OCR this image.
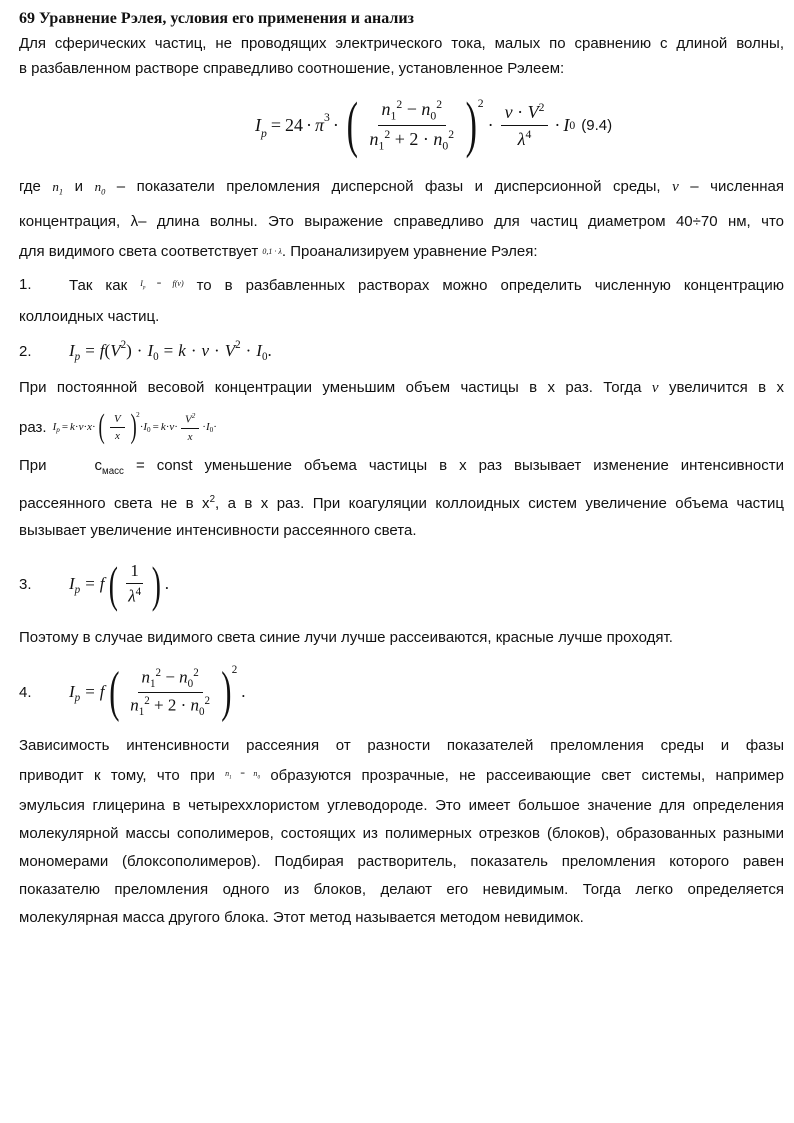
69 Уравнение Рэлея, условия его применения и анализ

Для сферических частиц, не проводящих электрического тока, малых по сравнению с длиной волны,

в разбавленном растворе справедливо соотношение, установленное Рэлеем:

$I_p = 24 \cdot \pi^3$ · ( $\frac{n_1^2 - n_0^2}{n_1^2 + 2 \cdot n_0^2} )^2$
· $\frac{\nu \cdot V^2}{\lambda^4} \cdot I$ 0 (9.4)

где $n_1$ и $n_0$ – показатели преломления дисперсной фазы и дисперсионной среды, ν – численная

концентрация, λ– длина волны. Это выражение справедливо для частиц диаметром 40÷70 нм, что

для видимого света соответствует 0,1 · λ. Проанализируем уравнение Рэлея:

1. Так как $I_p = f(\nu)$ то в разбавленных растворах можно определить численную концентрацию

коллоидных частиц.

2.	$I_p = f$ ( $V^2$ ) · $I_0 = k \cdot \nu \cdot V^2 \cdot I_0$ .

При постоянной весовой концентрации уменьшим объем частицы в x раз. Тогда ν увеличится в x

раз. $I_p = k \cdot \nu \cdot x$ · ( $\frac{V}{x} )^2$
· $I_0 = k \cdot \nu \cdot \frac{V^2}{x} \cdot I_0$ ·

При	$с_{масс}$ = const уменьшение объема частицы в x раз вызывает изменение интенсивности

рассеянного света не в $x^2$, а в x раз. При коагуляции коллоидных систем увеличение объема частиц

вызывает увеличение интенсивности рассеянного света.

3.	$I_p = f$ ( $\frac{1}{\lambda^4}$ ) .

Поэтому в случае видимого света синие лучи лучше рассеиваются, красные лучше проходят.

4.	$I_p = f$ ( $\frac{n_1^2 - n_0^2}{n_1^2 + 2 \cdot n_0^2} )^2$
.

Зависимость интенсивности рассеяния от разности показателей преломления среды и фазы

приводит к тому, что при $n_1 = n_0$ образуются прозрачные, не рассеивающие свет системы, например

эмульсия глицерина в четыреххлористом углеводороде. Это имеет большое значение для определения молекулярной массы сополимеров, состоящих из полимерных отрезков (блоков), образованных разными мономерами (блоксополимеров). Подбирая растворитель, показатель преломления которого равен показателю преломления одного из блоков, делают его невидимым. Тогда легко определяется молекулярная масса другого блока. Этот метод называется методом невидимок.
